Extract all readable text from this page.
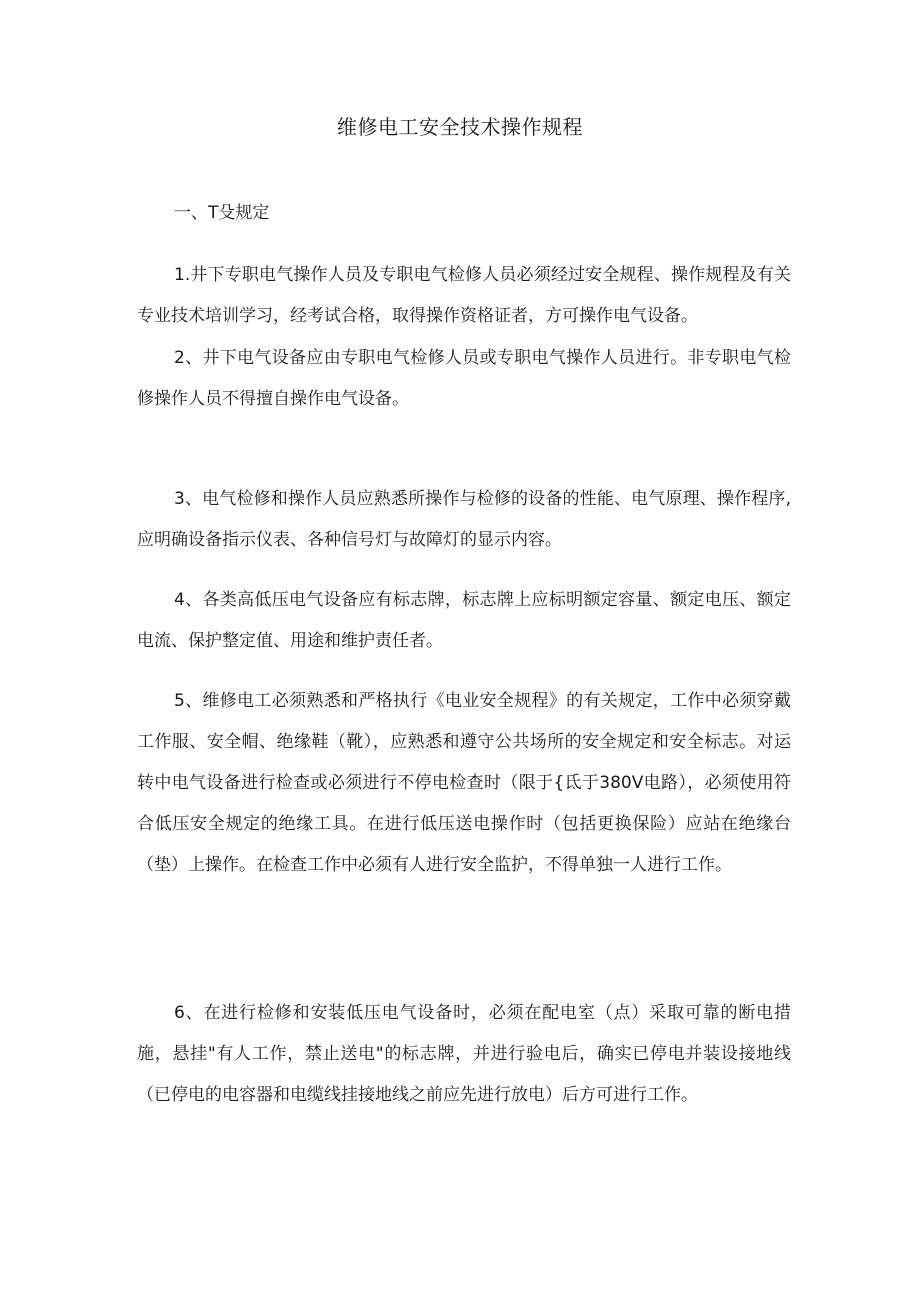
维修电工安全技术操作规程
一、T殳规定

1.井下专职电气操作人员及专职电气检修人员必须经过安全规程、操作规程及有关专业技术培训学习，经考试合格，取得操作资格证者，方可操作电气设备。

2、井下电气设备应由专职电气检修人员或专职电气操作人员进行。非专职电气检修操作人员不得擅自操作电气设备。

3、电气检修和操作人员应熟悉所操作与检修的设备的性能、电气原理、操作程序,应明确设备指示仪表、各种信号灯与故障灯的显示内容。

4、各类高低压电气设备应有标志牌，标志牌上应标明额定容量、额定电压、额定电流、保护整定值、用途和维护责任者。

5、维修电工必须熟悉和严格执行《电业安全规程》的有关规定，工作中必须穿戴工作服、安全帽、绝缘鞋（靴），应熟悉和遵守公共场所的安全规定和安全标志。对运转中电气设备进行检查或必须进行不停电检查时（限于{氐于380V电路），必须使用符合低压安全规定的绝缘工具。在进行低压送电操作时（包括更换保险）应站在绝缘台（垫）上操作。在检查工作中必须有人进行安全监护，不得单独一人进行工作。

6、在进行检修和安装低压电气设备时，必须在配电室（点）采取可靠的断电措施，悬挂"有人工作，禁止送电"的标志牌，并进行验电后，确实已停电并装设接地线（已停电的电容器和电缆线挂接地线之前应先进行放电）后方可进行工作。
